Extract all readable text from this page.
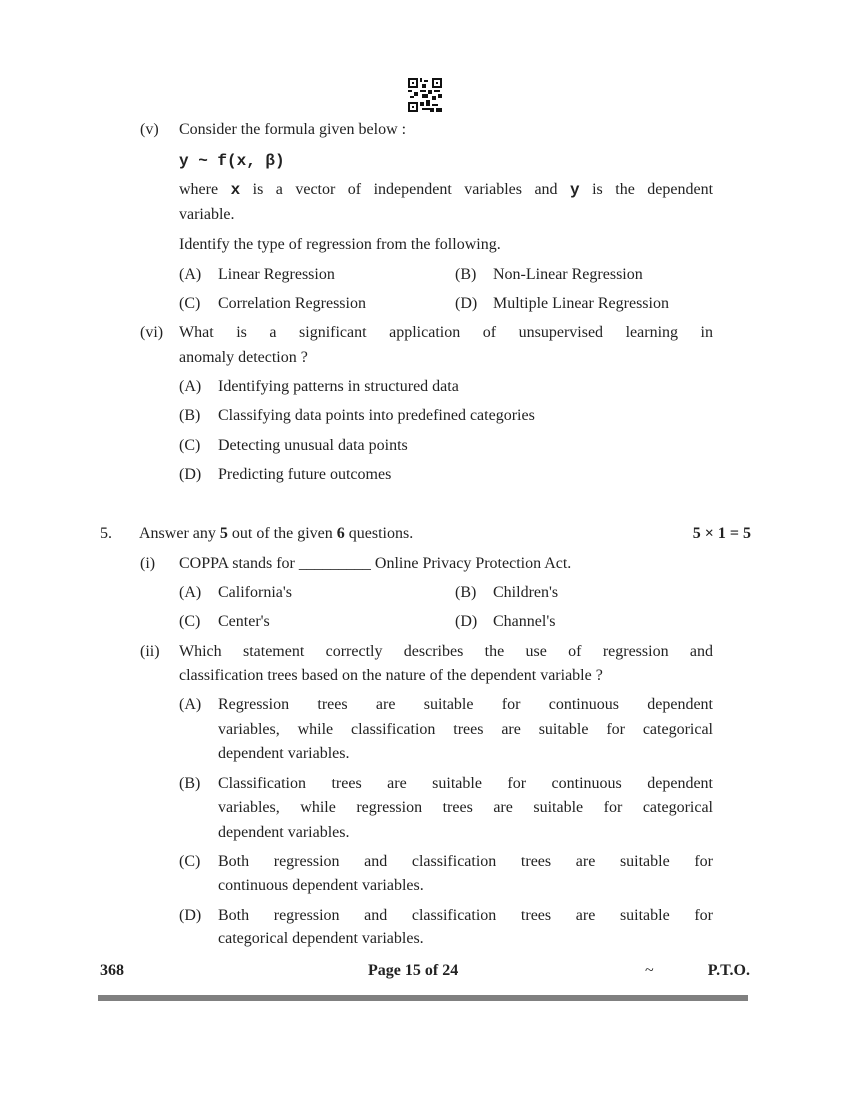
(v) Consider the formula given below :
y ~ f(x, β)
where x is a vector of independent variables and y is the dependent
variable.
Identify the type of regression from the following.
(A) Linear Regression	(B) Non-Linear Regression
(C) Correlation Regression	(D) Multiple Linear Regression
(vi) What is a significant application of unsupervised learning in
anomaly detection ?
(A) Identifying patterns in structured data
(B) Classifying data points into predefined categories
(C) Detecting unusual data points
(D) Predicting future outcomes
5. Answer any 5 out of the given 6 questions.	5 × 1 = 5
(i) COPPA stands for _________ Online Privacy Protection Act.
(A) California's	(B) Children's
(C) Center's	(D) Channel's
(ii) Which statement correctly describes the use of regression and
classification trees based on the nature of the dependent variable ?
(A) Regression trees are suitable for continuous dependent
variables, while classification trees are suitable for categorical
dependent variables.
(B) Classification trees are suitable for continuous dependent
variables, while regression trees are suitable for categorical
dependent variables.
(C) Both regression and classification trees are suitable for
continuous dependent variables.
(D) Both regression and classification trees are suitable for
categorical dependent variables.
368	Page 15 of 24	~	P.T.O.
